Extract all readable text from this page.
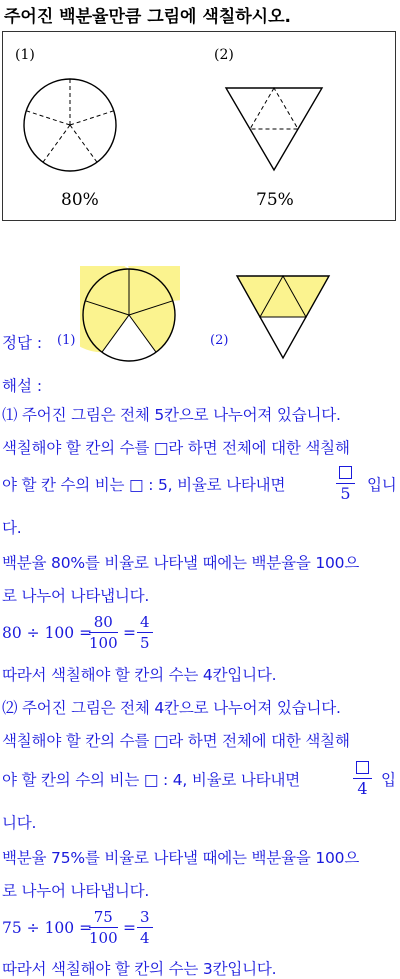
주어진 백분율만큼 그림에 색칠하시오.
(1)	(2)
80%	75%
정답 : (1)	(2)
해설 :
⑴ 주어진 그림은 전체 5칸으로 나누어져 있습니다.
색칠해야 할 칸의 수를 □라 하면 전체에 대한 색칠해
야 할 칸 수의 비는 □ : 5, 비율로 나타내면	5 입니
다.
백분율 80%를 비율로 나타낼 때에는 백분율을 100으
로 나누어 나타냅니다.
80 ÷ 100 =
$\frac{80}{100} = \frac{4}{5}$
따라서 색칠해야 할 칸의 수는 4칸입니다.
⑵ 주어진 그림은 전체 4칸으로 나누어져 있습니다.
색칠해야 할 칸의 수를 □라 하면 전체에 대한 색칠해
야 할 칸의 수의 비는 □ : 4, 비율로 나타내면	4 입
니다.
백분율 75%를 비율로 나타낼 때에는 백분율을 100으
로 나누어 나타냅니다.
75 ÷ 100 =
$\frac{75}{100} = \frac{3}{4}$
따라서 색칠해야 할 칸의 수는 3칸입니다.
